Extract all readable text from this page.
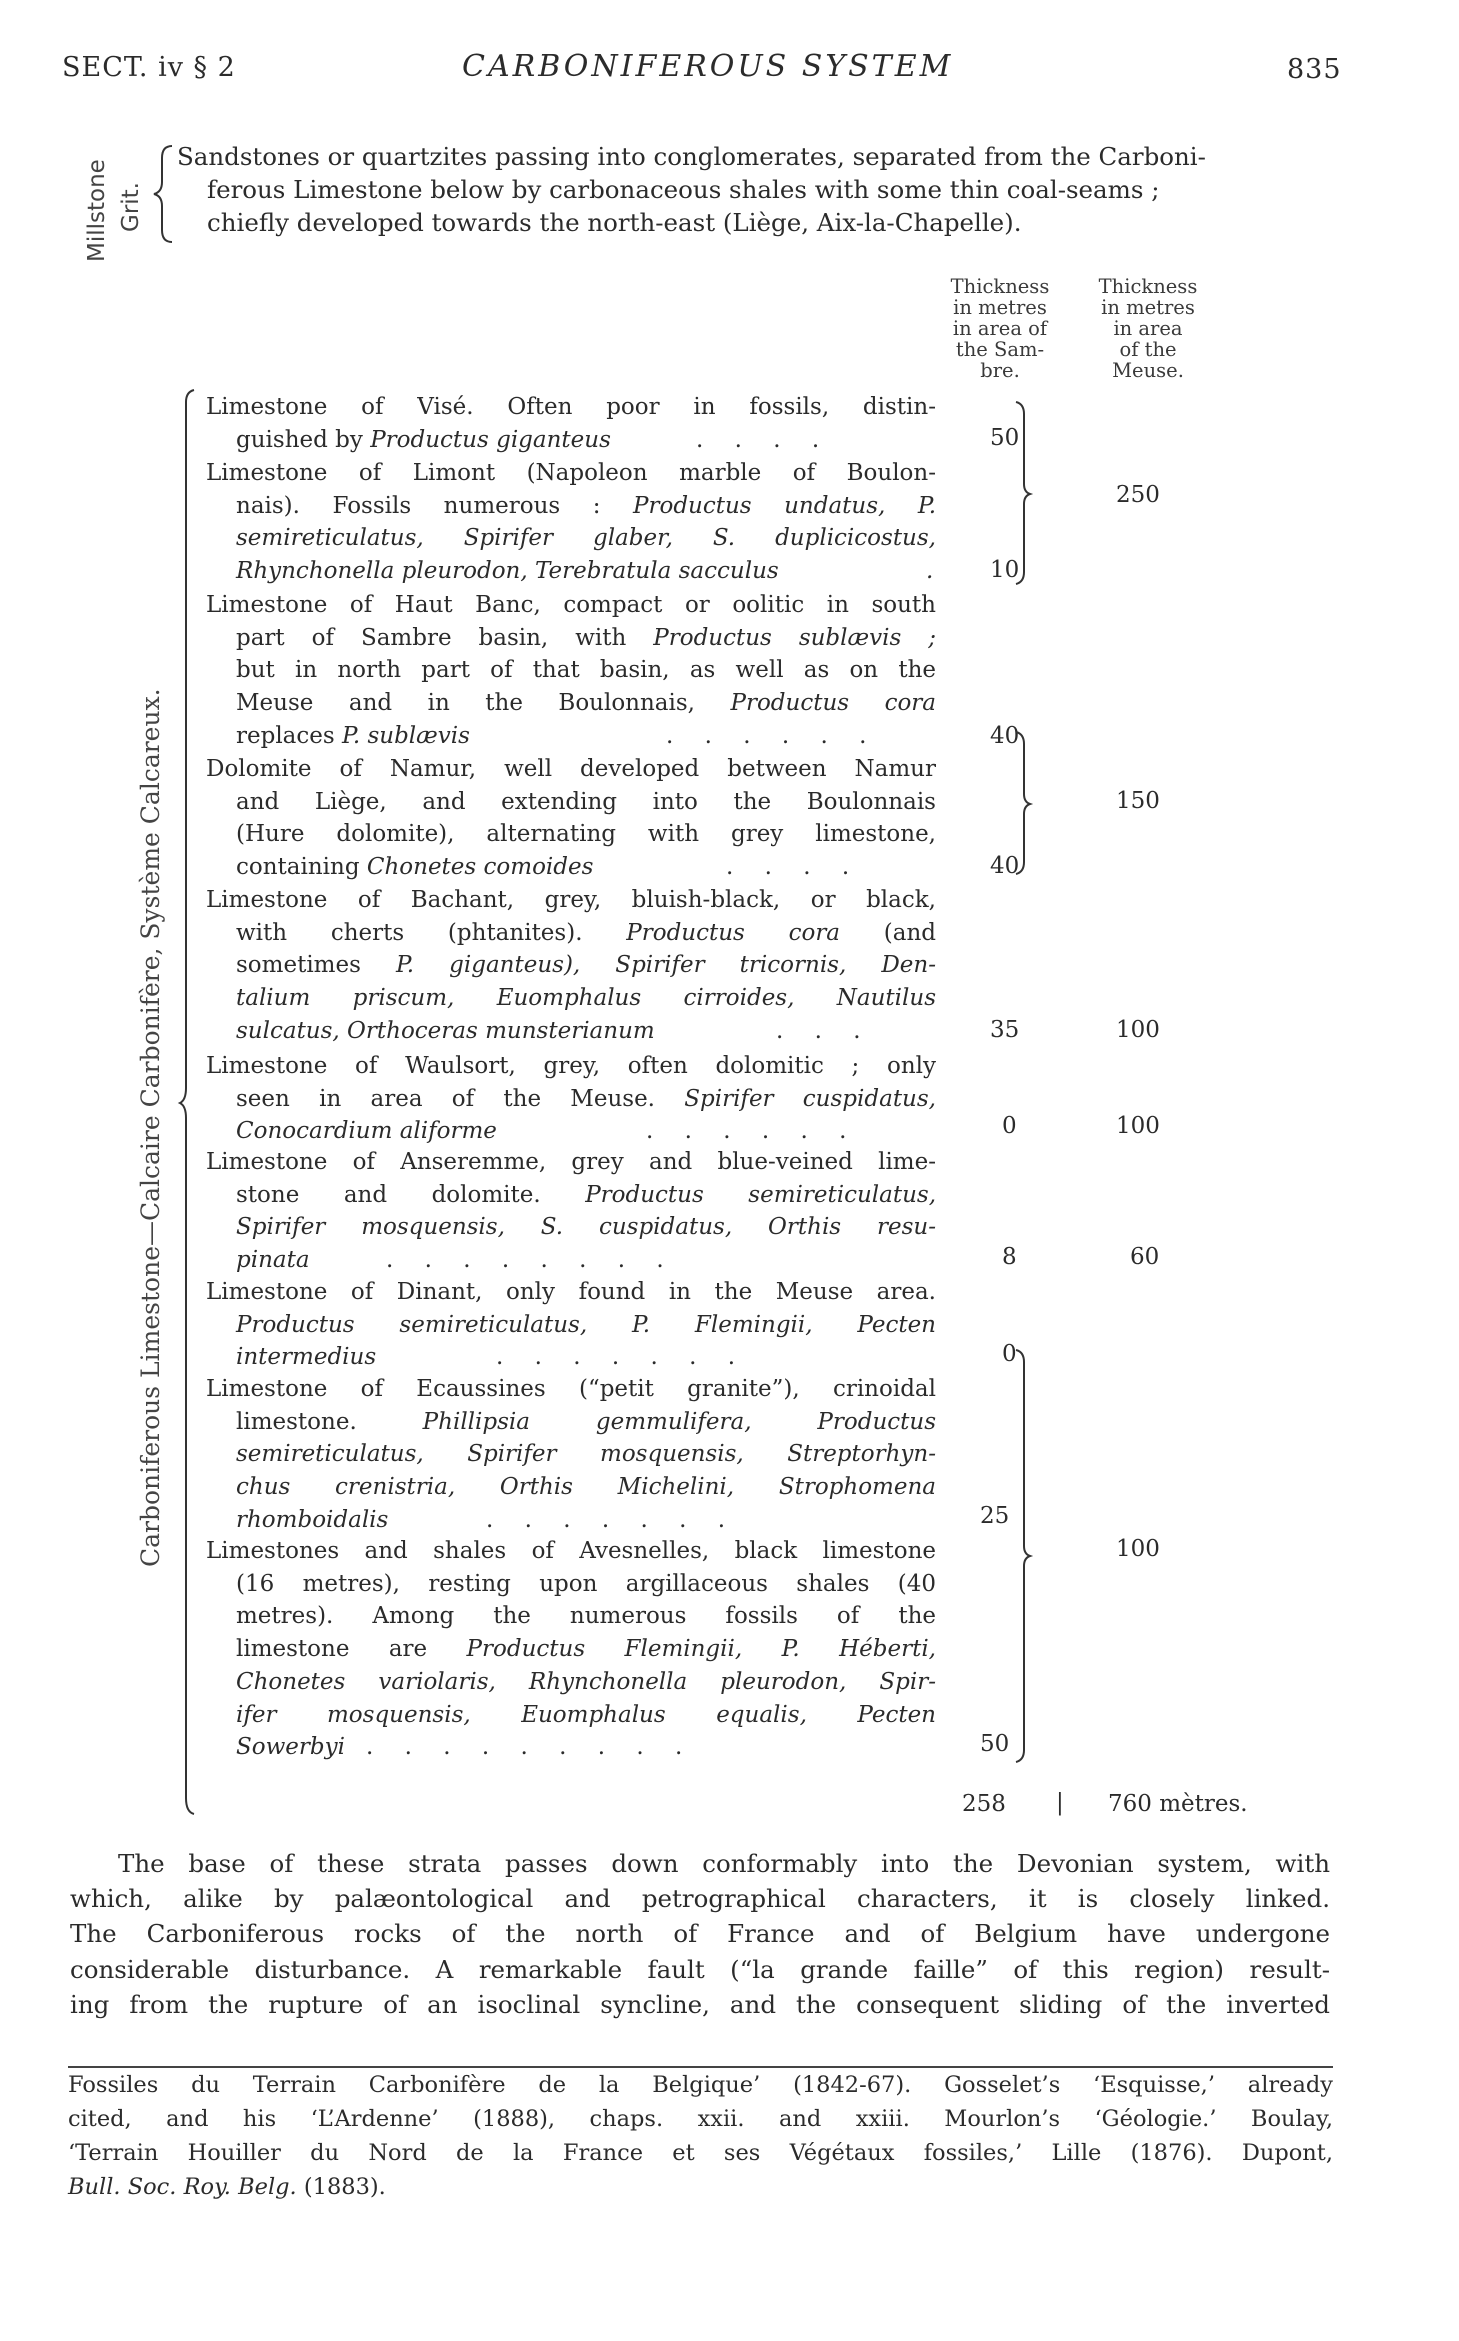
SECT. iv § 2	CARBONIFEROUS SYSTEM	835
Millstone Grit.
Sandstones or quartzites passing into conglomerates, separated from the Carboni-
ferous Limestone below by carbonaceous shales with some thin coal-seams ;
chiefly developed towards the north-east (Liège, Aix-la-Chapelle).
Thickness
in metres
in area of
the Sam-
bre.
Thickness
in metres
in area
of the
Meuse.
Carboniferous Limestone—Calcaire Carbonifère, Système Calcareux.
Limestone of Visé. Often poor in fossils, distin-
guished by Productus giganteus	. . . .	50
Limestone of Limont (Napoleon marble of Boulon-
nais). Fossils numerous : Productus undatus, P.
semireticulatus, Spirifer glaber, S. duplicicostus,
Rhynchonella pleurodon, Terebratula sacculus	. 10
250
Limestone of Haut Banc, compact or oolitic in south
part of Sambre basin, with Productus sublævis ;
but in north part of that basin, as well as on the
Meuse and in the Boulonnais, Productus cora
replaces P. sublævis	. . . . . .	40
Dolomite of Namur, well developed between Namur
and Liège, and extending into the Boulonnais
(Hure dolomite), alternating with grey limestone,
containing Chonetes comoides	. . . .	40
150
Limestone of Bachant, grey, bluish-black, or black,
with cherts (phtanites). Productus cora (and
sometimes P. giganteus), Spirifer tricornis, Den-
talium priscum, Euomphalus cirroides, Nautilus
sulcatus, Orthoceras munsterianum	. . .	35	100
Limestone of Waulsort, grey, often dolomitic ; only
seen in area of the Meuse. Spirifer cuspidatus,
Conocardium aliforme	. . . . . .	0	100
Limestone of Anseremme, grey and blue-veined lime-
stone and dolomite. Productus semireticulatus,
Spirifer mosquensis, S. cuspidatus, Orthis resu-
pinata	. . . . . . . .	8	60
Limestone of Dinant, only found in the Meuse area.
Productus semireticulatus, P. Flemingii, Pecten
intermedius	. . . . . . .	0
Limestone of Ecaussines (“petit granite”), crinoidal
limestone. Phillipsia gemmulifera, Productus
semireticulatus, Spirifer mosquensis, Streptorhyn-
chus crenistria, Orthis Michelini, Strophomena
rhomboidalis	. . . . . . .	25
Limestones and shales of Avesnelles, black limestone
(16 metres), resting upon argillaceous shales (40
metres). Among the numerous fossils of the
limestone are Productus Flemingii, P. Héberti,
Chonetes variolaris, Rhynchonella pleurodon, Spir-
ifer mosquensis, Euomphalus equalis, Pecten
Sowerbyi . . . . . . . . .	50
100
258 | 760 mètres.
The base of these strata passes down conformably into the Devonian system, with
which, alike by palæontological and petrographical characters, it is closely linked.
The Carboniferous rocks of the north of France and of Belgium have undergone
considerable disturbance. A remarkable fault (“la grande faille” of this region) result-
ing from the rupture of an isoclinal syncline, and the consequent sliding of the inverted
Fossiles du Terrain Carbonifère de la Belgique’ (1842-67). Gosselet’s ‘Esquisse,’ already
cited, and his ‘L’Ardenne’ (1888), chaps. xxii. and xxiii. Mourlon’s ‘Géologie.’ Boulay,
‘Terrain Houiller du Nord de la France et ses Végétaux fossiles,’ Lille (1876). Dupont,
Bull. Soc. Roy. Belg. (1883).
